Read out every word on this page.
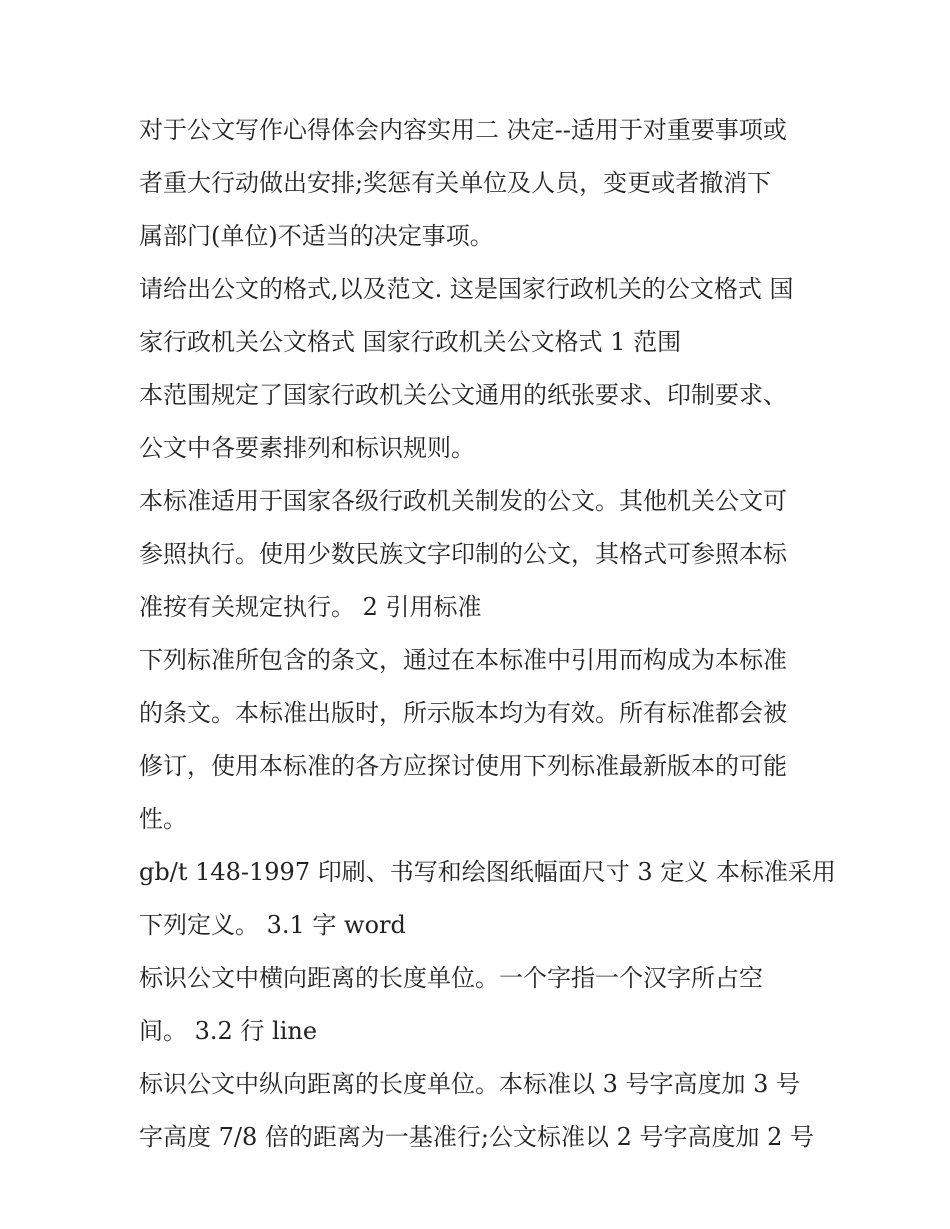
对于公文写作心得体会内容实用二 决定--适用于对重要事项或
者重大行动做出安排;奖惩有关单位及人员，变更或者撤消下
属部门(单位)不适当的决定事项。
请给出公文的格式,以及范文. 这是国家行政机关的公文格式 国
家行政机关公文格式 国家行政机关公文格式 1 范围
本范围规定了国家行政机关公文通用的纸张要求、印制要求、
公文中各要素排列和标识规则。
本标准适用于国家各级行政机关制发的公文。其他机关公文可
参照执行。使用少数民族文字印制的公文，其格式可参照本标
准按有关规定执行。 2 引用标准
下列标准所包含的条文，通过在本标准中引用而构成为本标准
的条文。本标准出版时，所示版本均为有效。所有标准都会被
修订，使用本标准的各方应探讨使用下列标准最新版本的可能
性。
gb/t 148-1997 印刷、书写和绘图纸幅面尺寸 3 定义 本标准采用
下列定义。 3.1 字 word
标识公文中横向距离的长度单位。一个字指一个汉字所占空
间。 3.2 行 line
标识公文中纵向距离的长度单位。本标准以 3 号字高度加 3 号
字高度 7/8 倍的距离为一基准行;公文标准以 2 号字高度加 2 号
